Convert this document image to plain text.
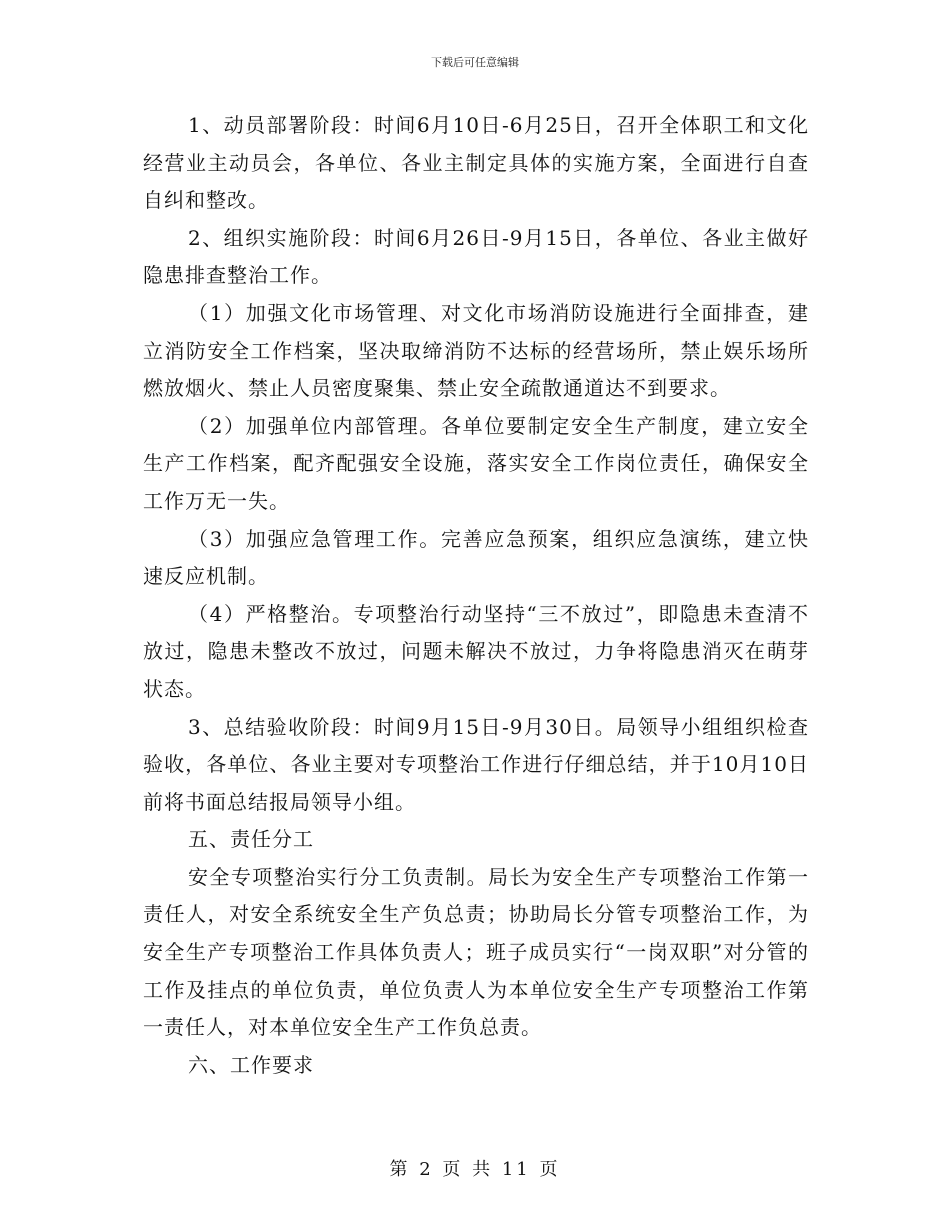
下载后可任意编辑

1、动员部署阶段：时间6月10日-6月25日，召开全体职工和文化经营业主动员会，各单位、各业主制定具体的实施方案，全面进行自查自纠和整改。

2、组织实施阶段：时间6月26日-9月15日，各单位、各业主做好隐患排查整治工作。

（1）加强文化市场管理、对文化市场消防设施进行全面排查，建立消防安全工作档案，坚决取缔消防不达标的经营场所，禁止娱乐场所燃放烟火、禁止人员密度聚集、禁止安全疏散通道达不到要求。

（2）加强单位内部管理。各单位要制定安全生产制度，建立安全生产工作档案，配齐配强安全设施，落实安全工作岗位责任，确保安全工作万无一失。

（3）加强应急管理工作。完善应急预案，组织应急演练，建立快速反应机制。

（4）严格整治。专项整治行动坚持“三不放过”，即隐患未查清不放过，隐患未整改不放过，问题未解决不放过，力争将隐患消灭在萌芽状态。

3、总结验收阶段：时间9月15日-9月30日。局领导小组组织检查验收，各单位、各业主要对专项整治工作进行仔细总结，并于10月10日前将书面总结报局领导小组。

五、责任分工

安全专项整治实行分工负责制。局长为安全生产专项整治工作第一责任人，对安全系统安全生产负总责；协助局长分管专项整治工作，为安全生产专项整治工作具体负责人；班子成员实行“一岗双职”对分管的工作及挂点的单位负责，单位负责人为本单位安全生产专项整治工作第一责任人，对本单位安全生产工作负总责。

六、工作要求

第 2 页 共 11 页
